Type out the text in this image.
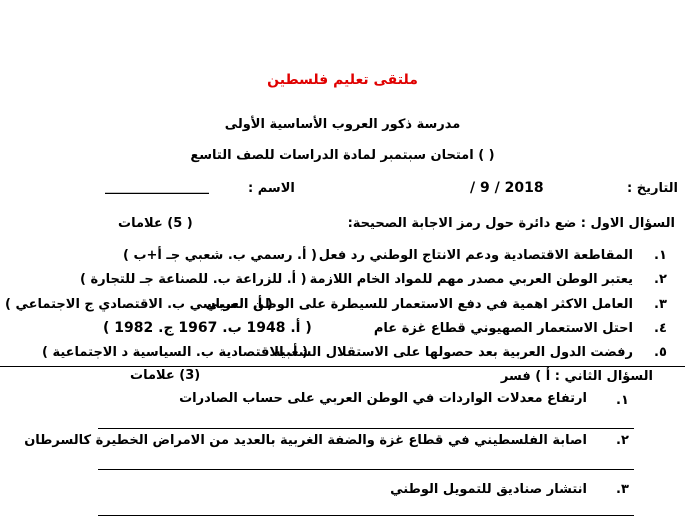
ملتقى تعليم فلسطين
مدرسة ذكور العروب الأساسية الأولى
امتحان سبتمبر لمادة الدراسات للصف التاسع ( )
التاريخ :
/ 9 / 2018
الاسم :
________________
السؤال الاول : ضع دائرة حول رمز الاجابة الصحيحة:
( 5) علامات
.١
المقاطعة الاقتصادية ودعم الانتاج الوطني رد فعل
( أ. رسمي ب. شعبي جـ أ+ب )
.٢
يعتبر الوطن العربي مصدر مهم للمواد الخام اللازمة
( أ. للزراعة ب. للصناعة جـ للتجارة )
.٣
العامل الاكثر اهمية في دفع الاستعمار للسيطرة على الوطن العربي
( أ. السياسي ب. الاقتصادي ج الاجتماعي )
.٤
احتل الاستعمار الصهيوني قطاع غزة عام
( أ. 1948 ب. 1967 ج. 1982 )
.٥
رفضت الدول العربية بعد حصولها على الاستقلال الشعبية
( أ. الاقتصادية ب. السياسية د الاجتماعية )
السؤال الثاني : أ ) فسر
(3) علامات
.١
ارتفاع معدلات الواردات في الوطن العربي على حساب الصادرات
.٢
اصابة الفلسطيني في قطاع غزة والضفة الغربية بالعديد من الامراض الخطيرة كالسرطان
.٣
انتشار صناديق للتمويل الوطني
